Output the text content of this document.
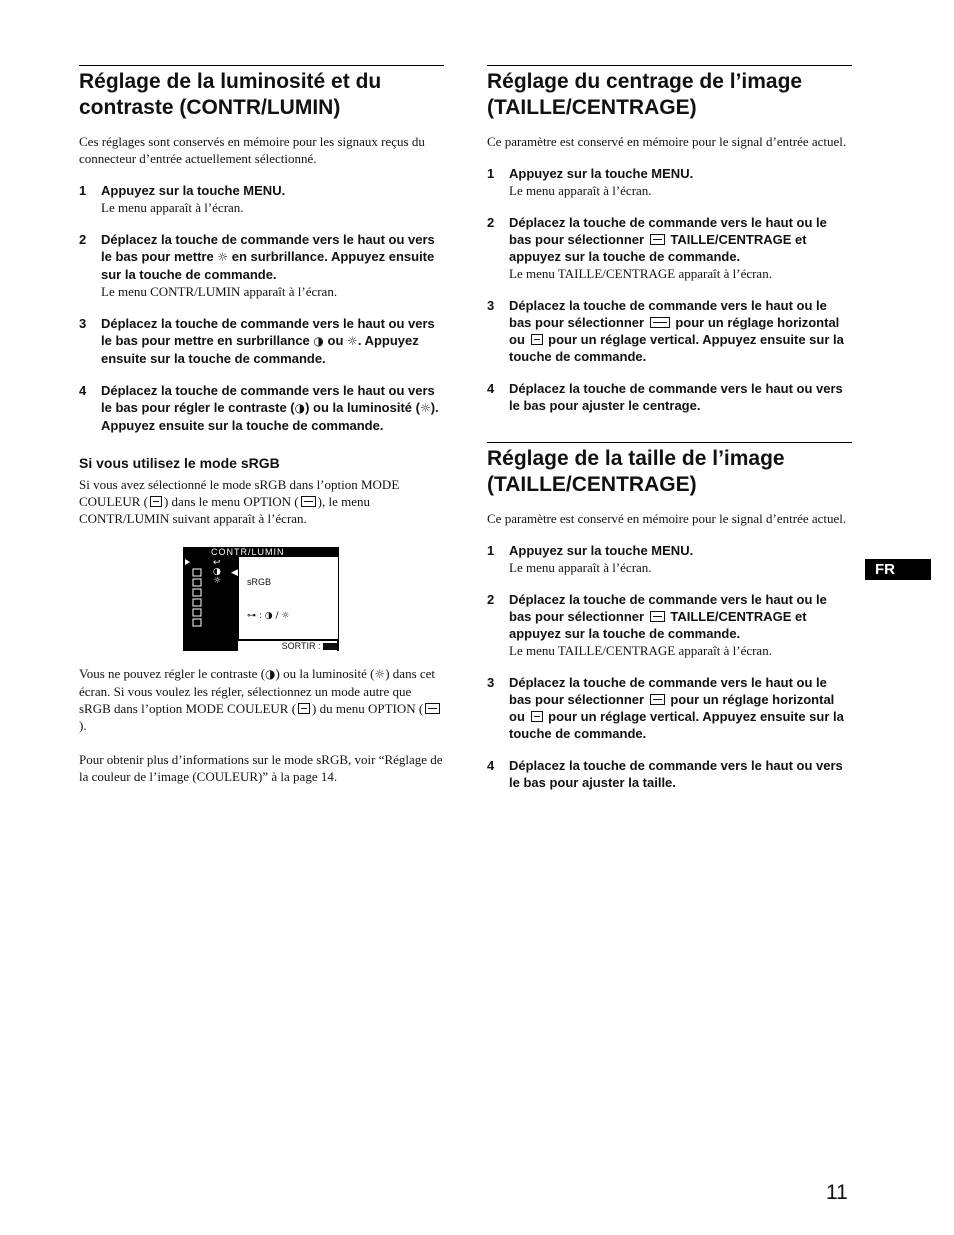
Réglage de la luminosité et du contraste (CONTR/LUMIN)

Ces réglages sont conservés en mémoire pour les signaux reçus du connecteur d’entrée actuellement sélectionné.

1 Appuyez sur la touche MENU.
Le menu apparaît à l’écran.
2 Déplacez la touche de commande vers le haut ou vers le bas pour mettre ☼ en surbrillance. Appuyez ensuite sur la touche de commande.
Le menu CONTR/LUMIN apparaît à l’écran.
3 Déplacez la touche de commande vers le haut ou vers le bas pour mettre en surbrillance ◑ ou ☼. Appuyez ensuite sur la touche de commande.
4 Déplacez la touche de commande vers le haut ou vers le bas pour régler le contraste (◑) ou la luminosité (☼). Appuyez ensuite sur la touche de commande.
Si vous utilisez le mode sRGB

Si vous avez sélectionné le mode sRGB dans l’option MODE COULEUR ( ) dans le menu OPTION ( ), le menu CONTR/LUMIN suivant apparaît à l’écran.

CONTR/LUMIN
↩
◑
☼
◀
sRGB
⊶ : ◑ / ☼
SORTIR :

Vous ne pouvez régler le contraste (◑) ou la luminosité (☼) dans cet écran. Si vous voulez les régler, sélectionnez un mode autre que sRGB dans l’option MODE COULEUR ( ) du menu OPTION ().

Pour obtenir plus d’informations sur le mode sRGB, voir “Réglage de la couleur de l’image (COULEUR)” à la page 14.

Réglage du centrage de l’image (TAILLE/CENTRAGE)

Ce paramètre est conservé en mémoire pour le signal d’entrée actuel.

1 Appuyez sur la touche MENU.
Le menu apparaît à l’écran.
2 Déplacez la touche de commande vers le haut ou le bas pour sélectionner TAILLE/CENTRAGE et appuyez sur la touche de commande.
Le menu TAILLE/CENTRAGE apparaît à l’écran.
3 Déplacez la touche de commande vers le haut ou le bas pour sélectionner pour un réglage horizontal ou pour un réglage vertical. Appuyez ensuite sur la touche de commande.
4 Déplacez la touche de commande vers le haut ou vers le bas pour ajuster le centrage.
Réglage de la taille de l’image (TAILLE/CENTRAGE)

Ce paramètre est conservé en mémoire pour le signal d’entrée actuel.

1 Appuyez sur la touche MENU.
Le menu apparaît à l’écran.
2 Déplacez la touche de commande vers le haut ou le bas pour sélectionner TAILLE/CENTRAGE et appuyez sur la touche de commande.
Le menu TAILLE/CENTRAGE apparaît à l’écran.
3 Déplacez la touche de commande vers le haut ou le bas pour sélectionner pour un réglage horizontal ou pour un réglage vertical. Appuyez ensuite sur la touche de commande.
4 Déplacez la touche de commande vers le haut ou vers le bas pour ajuster la taille.
FR
11
